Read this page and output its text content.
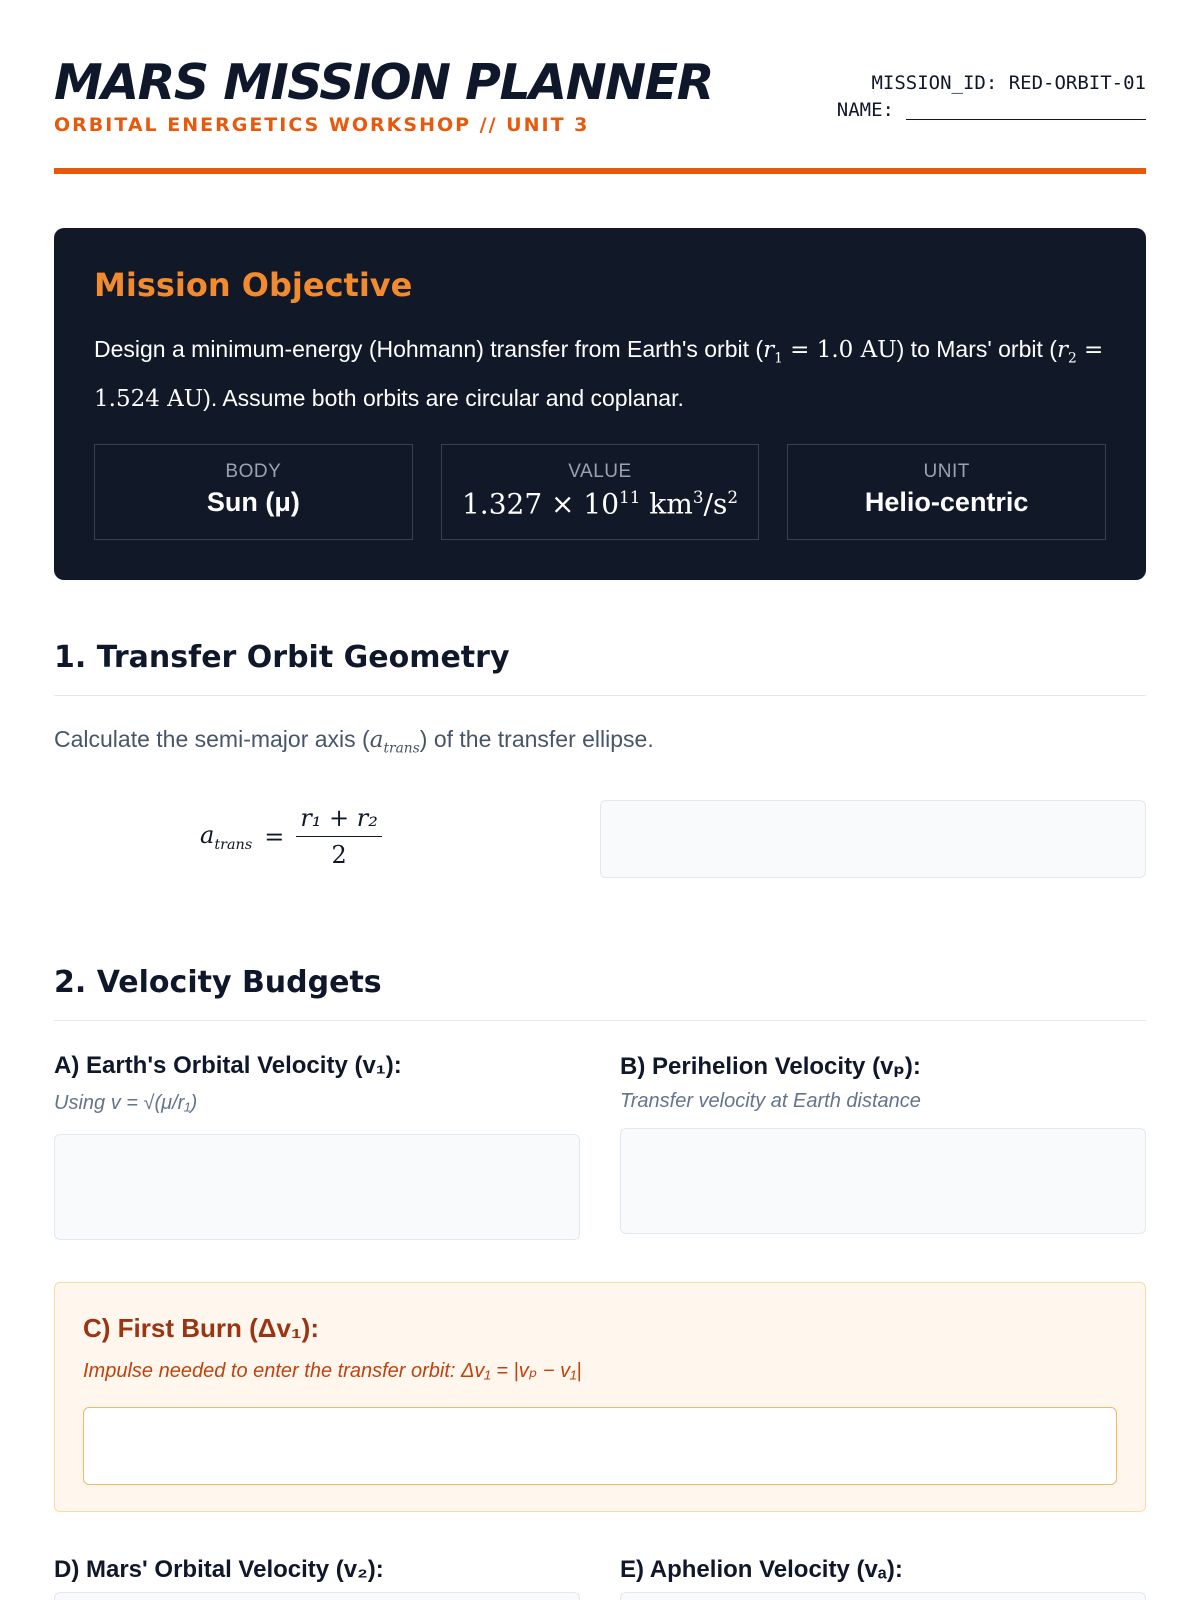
MARS MISSION PLANNER
ORBITAL ENERGETICS WORKSHOP // UNIT 3
MISSION_ID: RED-ORBIT-01
NAME:
Mission Objective

Design a minimum-energy (Hohmann) transfer from Earth's orbit ($r_1 = 1.0$ AU) to Mars' orbit ($r_2 = 1.524$ AU). Assume both orbits are circular and coplanar.

BODY
Sun (μ)
VALUE
$1.327 \times 10^{11}$ $km^3/s^2$
UNIT
Helio-centric
1. Transfer Orbit Geometry
Calculate the semi-major axis $(a_{trans})$ of the transfer ellipse.
$a_{trans} = \frac{\text{r₁ + r₂}}{2}$
2. Velocity Budgets
A) Earth's Orbital Velocity (v₁):
Using v = √(μ/r₁)
B) Perihelion Velocity (vₚ):
Transfer velocity at Earth distance
C) First Burn (Δv₁):
Impulse needed to enter the transfer orbit: Δv₁ = |vₚ − v₁|
D) Mars' Orbital Velocity (v₂):	E) Aphelion Velocity (vₐ):
